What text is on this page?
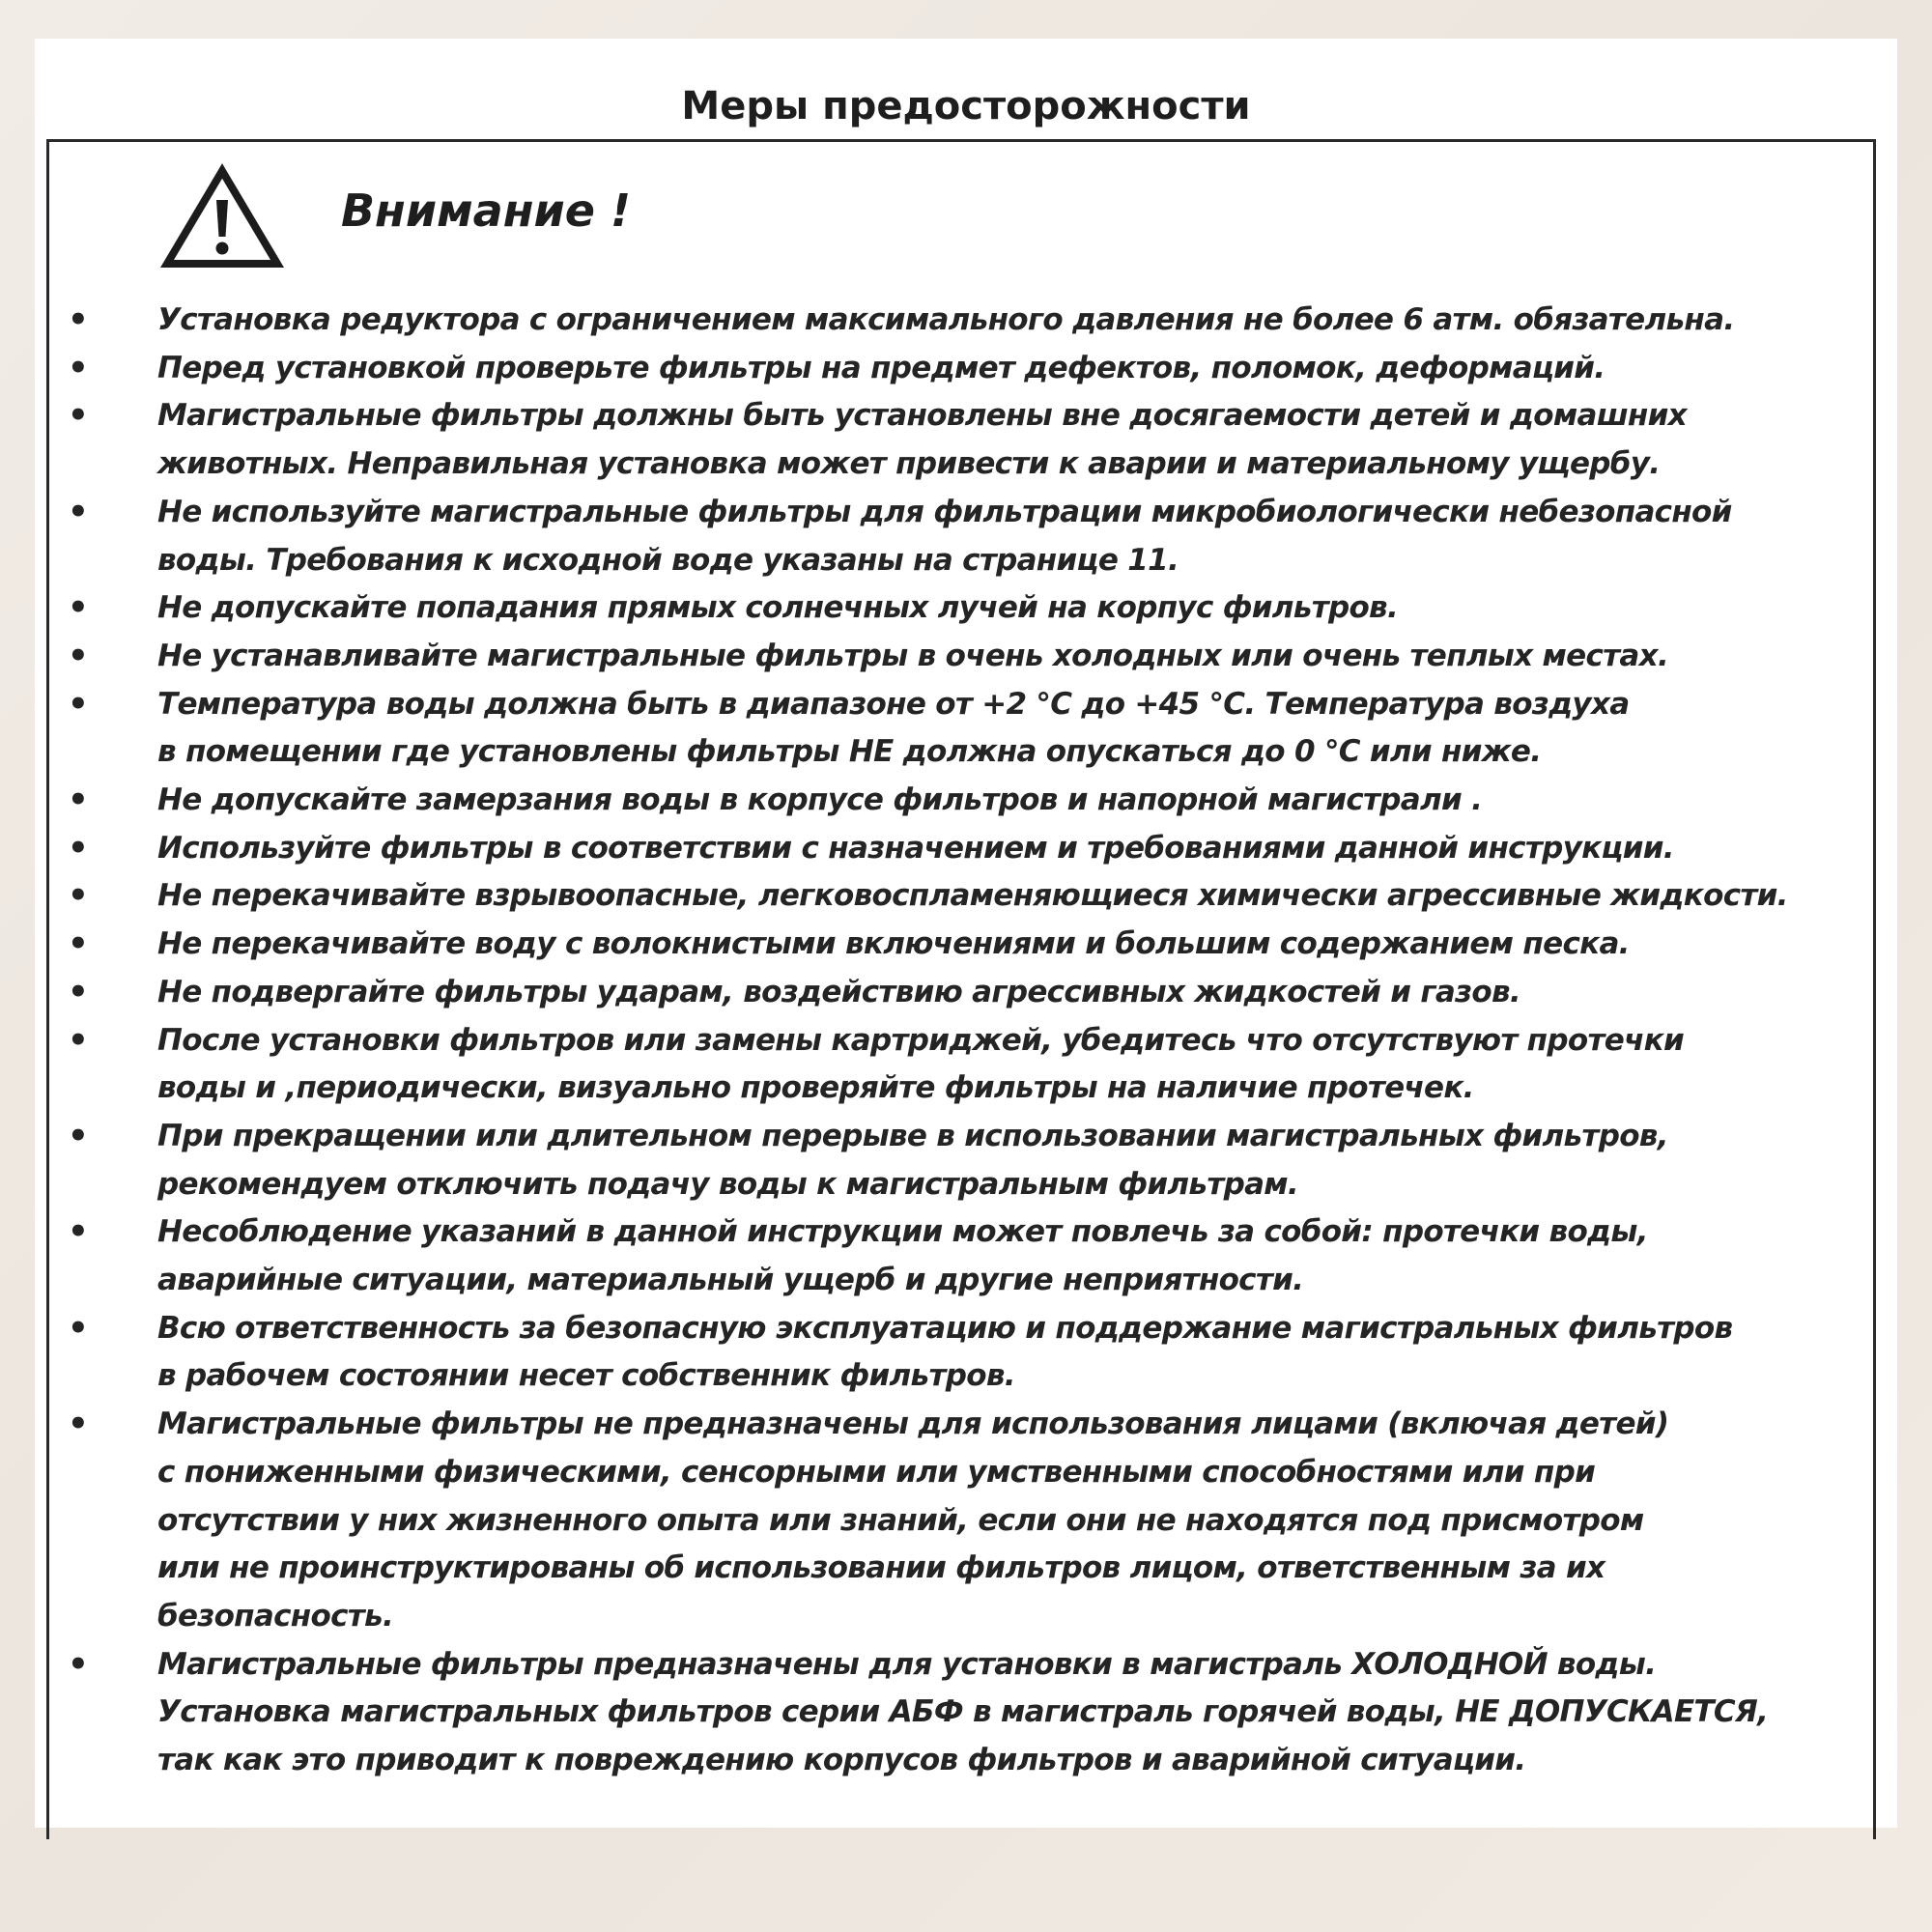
Меры предосторожности
Внимание !
• Установка редуктора с ограничением максимального давления не более 6 атм. обязательна.
• Перед установкой проверьте фильтры на предмет дефектов, поломок, деформаций.
• Магистральные фильтры должны быть установлены вне досягаемости детей и домашних
животных. Неправильная установка может привести к аварии и материальному ущербу.
• Не используйте магистральные фильтры для фильтрации микробиологически небезопасной
воды. Требования к исходной воде указаны на странице 11.
• Не допускайте попадания прямых солнечных лучей на корпус фильтров.
• Не устанавливайте магистральные фильтры в очень холодных или очень теплых местах.
• Температура воды должна быть в диапазоне от +2 °C до +45 °C. Температура воздуха
в помещении где установлены фильтры НЕ должна опускаться до 0 °C или ниже.
• Не допускайте замерзания воды в корпусе фильтров и напорной магистрали .
• Используйте фильтры в соответствии с назначением и требованиями данной инструкции.
• Не перекачивайте взрывоопасные, легковоспламеняющиеся химически агрессивные жидкости.
• Не перекачивайте воду с волокнистыми включениями и большим содержанием песка.
• Не подвергайте фильтры ударам, воздействию агрессивных жидкостей и газов.
• После установки фильтров или замены картриджей, убедитесь что отсутствуют протечки
воды и ,периодически, визуально проверяйте фильтры на наличие протечек.
• При прекращении или длительном перерыве в использовании магистральных фильтров,
рекомендуем отключить подачу воды к магистральным фильтрам.
• Несоблюдение указаний в данной инструкции может повлечь за собой: протечки воды,
аварийные ситуации, материальный ущерб и другие неприятности.
• Всю ответственность за безопасную эксплуатацию и поддержание магистральных фильтров
в рабочем состоянии несет собственник фильтров.
• Магистральные фильтры не предназначены для использования лицами (включая детей)
с пониженными физическими, сенсорными или умственными способностями или при
отсутствии у них жизненного опыта или знаний, если они не находятся под присмотром
или не проинструктированы об использовании фильтров лицом, ответственным за их
безопасность.
• Магистральные фильтры предназначены для установки в магистраль ХОЛОДНОЙ воды.
Установка магистральных фильтров серии АБФ в магистраль горячей воды, НЕ ДОПУСКАЕТСЯ,
так как это приводит к повреждению корпусов фильтров и аварийной ситуации.
